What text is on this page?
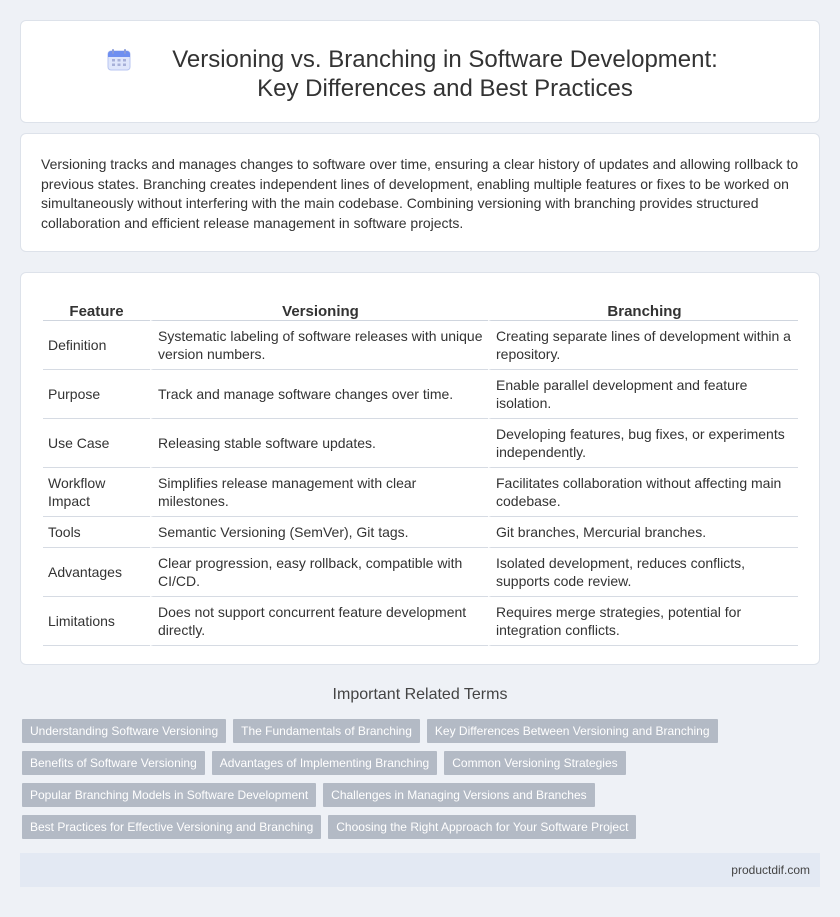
Versioning vs. Branching in Software Development: Key Differences and Best Practices

Versioning tracks and manages changes to software over time, ensuring a clear history of updates and allowing rollback to previous states. Branching creates independent lines of development, enabling multiple features or fixes to be worked on simultaneously without interfering with the main codebase. Combining versioning with branching provides structured collaboration and efficient release management in software projects.

Feature	Versioning	Branching
Definition	Systematic labeling of software releases with unique version numbers.	Creating separate lines of development within a repository.
Purpose	Track and manage software changes over time.	Enable parallel development and feature isolation.
Use Case	Releasing stable software updates.	Developing features, bug fixes, or experiments independently.
Workflow Impact	Simplifies release management with clear milestones.	Facilitates collaboration without affecting main codebase.
Tools	Semantic Versioning (SemVer), Git tags.	Git branches, Mercurial branches.
Advantages	Clear progression, easy rollback, compatible with CI/CD.	Isolated development, reduces conflicts, supports code review.
Limitations	Does not support concurrent feature development directly.	Requires merge strategies, potential for integration conflicts.
Important Related Terms
Understanding Software Versioning	The Fundamentals of Branching	Key Differences Between Versioning and Branching
Benefits of Software Versioning	Advantages of Implementing Branching	Common Versioning Strategies
Popular Branching Models in Software Development	Challenges in Managing Versions and Branches
Best Practices for Effective Versioning and Branching	Choosing the Right Approach for Your Software Project
productdif.com
